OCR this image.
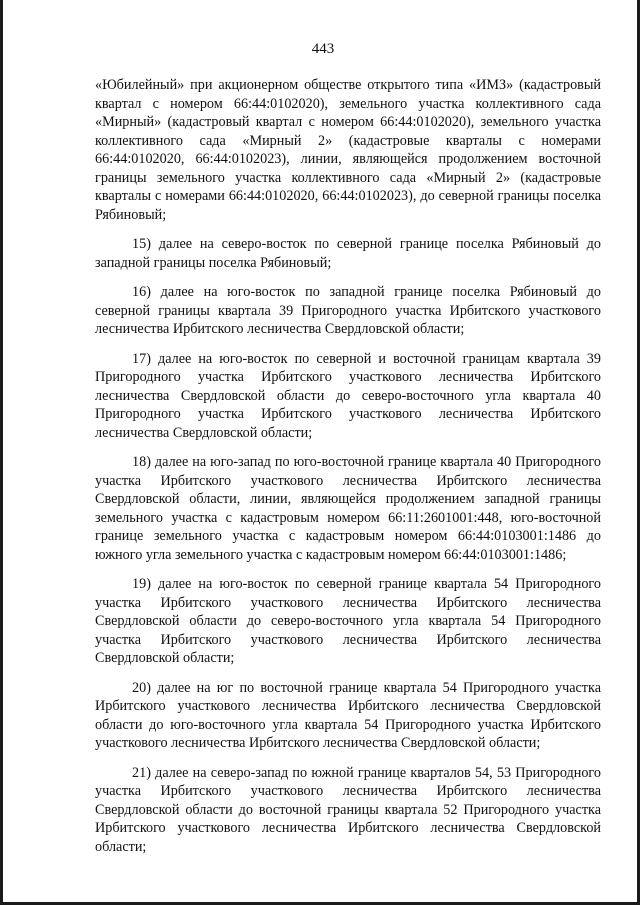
443

«Юбилейный» при акционерном обществе открытого типа «ИМЗ» (кадастровый квартал с номером 66:44:0102020), земельного участка коллективного сада «Мирный» (кадастровый квартал с номером 66:44:0102020), земельного участка коллективного сада «Мирный 2» (кадастровые кварталы с номерами 66:44:0102020, 66:44:0102023), линии, являющейся продолжением восточной границы земельного участка коллективного сада «Мирный 2» (кадастровые кварталы с номерами 66:44:0102020, 66:44:0102023), до северной границы поселка Рябиновый;

15) далее на северо-восток по северной границе поселка Рябиновый до западной границы поселка Рябиновый;

16) далее на юго-восток по западной границе поселка Рябиновый до северной границы квартала 39 Пригородного участка Ирбитского участкового лесничества Ирбитского лесничества Свердловской области;

17) далее на юго-восток по северной и восточной границам квартала 39 Пригородного участка Ирбитского участкового лесничества Ирбитского лесничества Свердловской области до северо-восточного угла квартала 40 Пригородного участка Ирбитского участкового лесничества Ирбитского лесничества Свердловской области;

18) далее на юго-запад по юго-восточной границе квартала 40 Пригородного участка Ирбитского участкового лесничества Ирбитского лесничества Свердловской области, линии, являющейся продолжением западной границы земельного участка с кадастровым номером 66:11:2601001:448, юго-восточной границе земельного участка с кадастровым номером 66:44:0103001:1486 до южного угла земельного участка с кадастровым номером 66:44:0103001:1486;

19) далее на юго-восток по северной границе квартала 54 Пригородного участка Ирбитского участкового лесничества Ирбитского лесничества Свердловской области до северо-восточного угла квартала 54 Пригородного участка Ирбитского участкового лесничества Ирбитского лесничества Свердловской области;

20) далее на юг по восточной границе квартала 54 Пригородного участка Ирбитского участкового лесничества Ирбитского лесничества Свердловской области до юго-восточного угла квартала 54 Пригородного участка Ирбитского участкового лесничества Ирбитского лесничества Свердловской области;

21) далее на северо-запад по южной границе кварталов 54, 53 Пригородного участка Ирбитского участкового лесничества Ирбитского лесничества Свердловской области до восточной границы квартала 52 Пригородного участка Ирбитского участкового лесничества Ирбитского лесничества Свердловской области;
